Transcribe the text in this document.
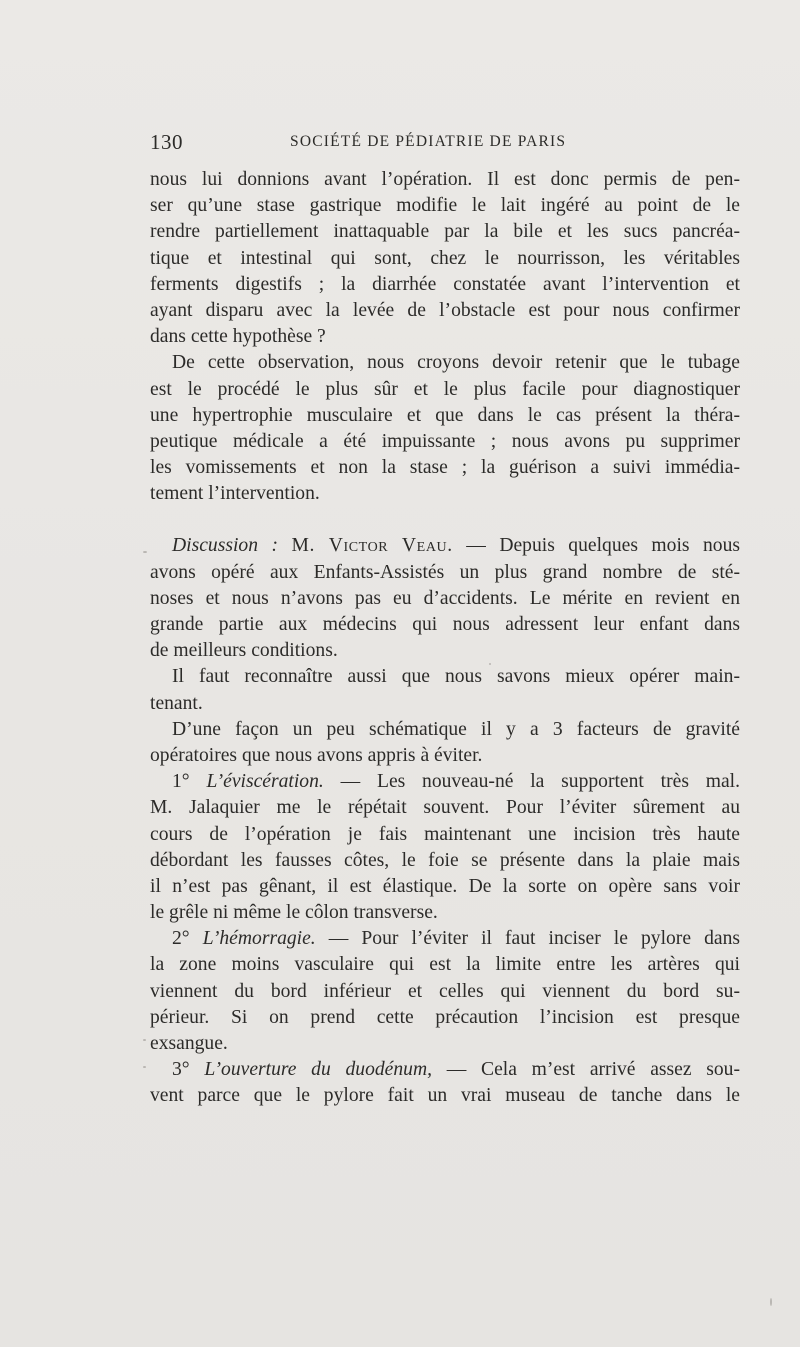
130	SOCIÉTÉ DE PÉDIATRIE DE PARIS
nous lui donnions avant l’opération. Il est donc permis de pen-
ser qu’une stase gastrique modifie le lait ingéré au point de le
rendre partiellement inattaquable par la bile et les sucs pancréa-
tique et intestinal qui sont, chez le nourrisson, les véritables
ferments digestifs ; la diarrhée constatée avant l’intervention et
ayant disparu avec la levée de l’obstacle est pour nous confirmer
dans cette hypothèse ?
De cette observation, nous croyons devoir retenir que le tubage
est le procédé le plus sûr et le plus facile pour diagnostiquer
une hypertrophie musculaire et que dans le cas présent la théra-
peutique médicale a été impuissante ; nous avons pu supprimer
les vomissements et non la stase ; la guérison a suivi immédia-
tement l’intervention.
Discussion : M. Victor Veau. — Depuis quelques mois nous
avons opéré aux Enfants-Assistés un plus grand nombre de sté-
noses et nous n’avons pas eu d’accidents. Le mérite en revient en
grande partie aux médecins qui nous adressent leur enfant dans
de meilleurs conditions.
Il faut reconnaître aussi que nous savons mieux opérer main-
tenant.
D’une façon un peu schématique il y a 3 facteurs de gravité
opératoires que nous avons appris à éviter.
1° L’éviscération. — Les nouveau-né la supportent très mal.
M. Jalaquier me le répétait souvent. Pour l’éviter sûrement au
cours de l’opération je fais maintenant une incision très haute
débordant les fausses côtes, le foie se présente dans la plaie mais
il n’est pas gênant, il est élastique. De la sorte on opère sans voir
le grêle ni même le côlon transverse.
2° L’hémorragie. — Pour l’éviter il faut inciser le pylore dans
la zone moins vasculaire qui est la limite entre les artères qui
viennent du bord inférieur et celles qui viennent du bord su-
périeur. Si on prend cette précaution l’incision est presque
exsangue.
3° L’ouverture du duodénum, — Cela m’est arrivé assez sou-
vent parce que le pylore fait un vrai museau de tanche dans le
